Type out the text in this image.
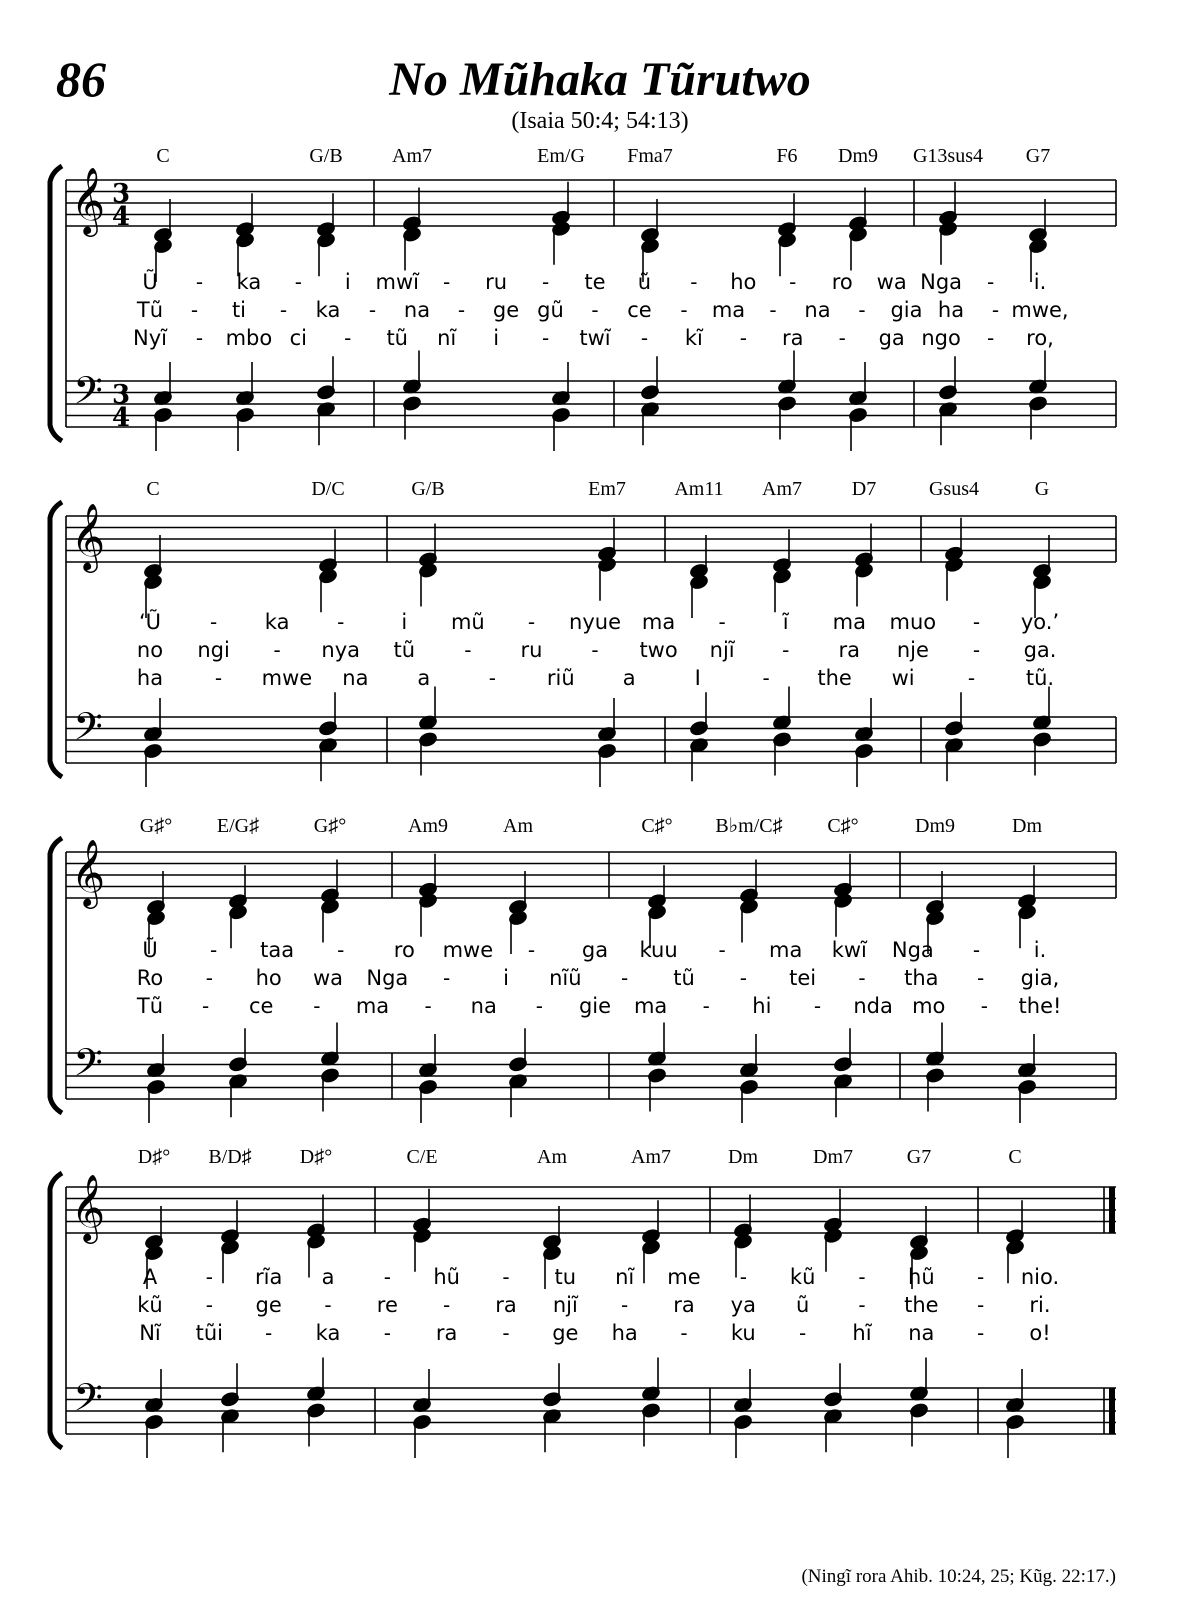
86	No Mũhaka Tũrutwo
(Isaia 50:4; 54:13)
𝄞
𝄢
3
4
3
4
C	G/B Am7	Em/G Fma7	F6 Dm9 G13sus4 G7
Ũ - ka - i mwĩ - ru - te ũ - ho - ro wa Nga - i.
Tũ - ti - ka - na - ge gũ - ce - ma - na - gia ha - mwe,
Nyĩ - mbo ci - tũ nĩ i - twĩ - kĩ - ra - ga ngo - ro,
𝄞
𝄢
C	D/C	G/B	Em7 Am11 Am7 D7	Gsus4	G
‘Ũ - ka -	i mũ - nyue ma -	ĩ ma muo - yo.’
no ngi - nya tũ - ru - two njĩ - ra nje - ga.
ha	- mwe na a	- riũ a	I	- the wi	- tũ.
𝄞
𝄢
G♯° E/G♯	G♯°	Am9	Am	C♯° B♭m/C♯ C♯°	Dm9	Dm
Ũ	- taa - ro mwe - ga kuu - ma kwĩ Nga -	i.
Ro - ho wa Nga -	i nĩũ - tũ - tei - tha - gia,
Tũ - ce - ma - na - gie ma - hi - nda mo - the!
𝄞
𝄢
D♯° B/D♯ D♯°	C/E	Am	Am7	Dm	Dm7	G7	C
A - rĩa a - hũ - tu nĩ me - kũ - hũ - nio.
kũ - ge - re - ra njĩ - ra ya ũ - the - ri.
Nĩ tũi - ka - ra - ge ha - ku - hĩ na - o!
(Ningĩ rora Ahib. 10:24, 25; Kũg. 22:17.)
